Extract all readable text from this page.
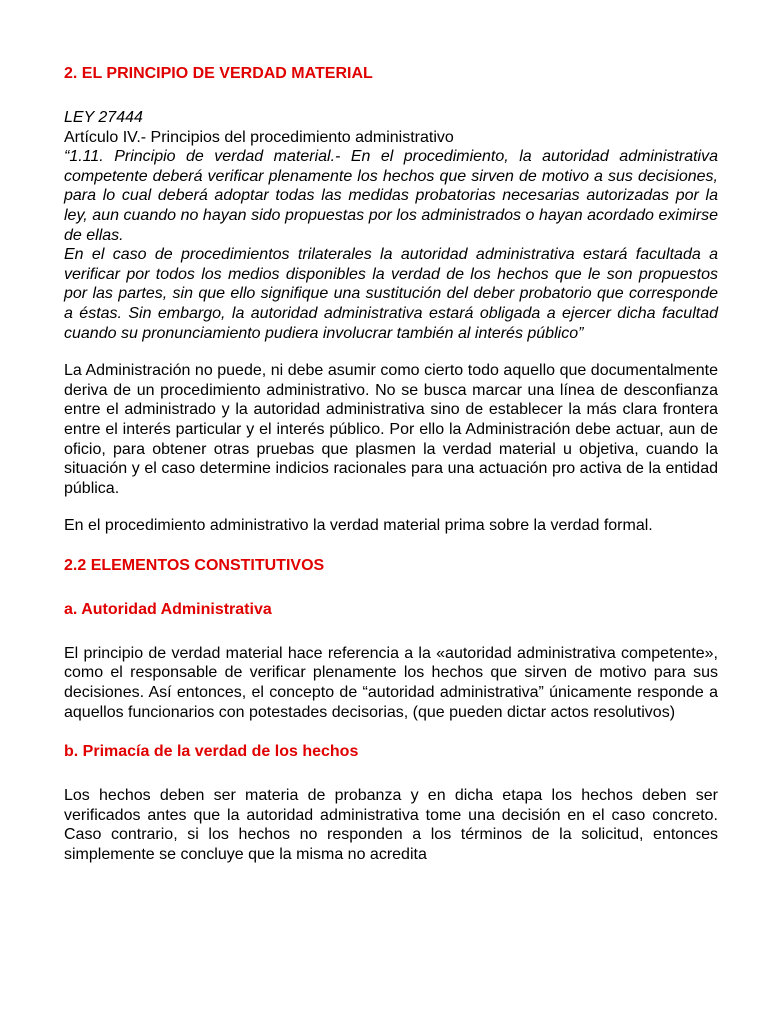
2. EL PRINCIPIO DE VERDAD MATERIAL

LEY 27444

Artículo IV.- Principios del procedimiento administrativo

“1.11. Principio de verdad material.- En el procedimiento, la autoridad administrativa competente deberá verificar plenamente los hechos que sirven de motivo a sus decisiones, para lo cual deberá adoptar todas las medidas probatorias necesarias autorizadas por la ley, aun cuando no hayan sido propuestas por los administrados o hayan acordado eximirse de ellas.

En el caso de procedimientos trilaterales la autoridad administrativa estará facultada a verificar por todos los medios disponibles la verdad de los hechos que le son propuestos por las partes, sin que ello signifique una sustitución del deber probatorio que corresponde a éstas. Sin embargo, la autoridad administrativa estará obligada a ejercer dicha facultad cuando su pronunciamiento pudiera involucrar también al interés público”

La Administración no puede, ni debe asumir como cierto todo aquello que documentalmente deriva de un procedimiento administrativo. No se busca marcar una línea de desconfianza entre el administrado y la autoridad administrativa sino de establecer la más clara frontera entre el interés particular y el interés público. Por ello la Administración debe actuar, aun de oficio, para obtener otras pruebas que plasmen la verdad material u objetiva, cuando la situación y el caso determine indicios racionales para una actuación pro activa de la entidad pública.

En el procedimiento administrativo la verdad material prima sobre la verdad formal.

2.2 ELEMENTOS CONSTITUTIVOS
a. Autoridad Administrativa

El principio de verdad material hace referencia a la «autoridad administrativa competente», como el responsable de verificar plenamente los hechos que sirven de motivo para sus decisiones. Así entonces, el concepto de “autoridad administrativa” únicamente responde a aquellos funcionarios con potestades decisorias, (que pueden dictar actos resolutivos)

b. Primacía de la verdad de los hechos

Los hechos deben ser materia de probanza y en dicha etapa los hechos deben ser verificados antes que la autoridad administrativa tome una decisión en el caso concreto. Caso contrario, si los hechos no responden a los términos de la solicitud, entonces simplemente se concluye que la misma no acredita
